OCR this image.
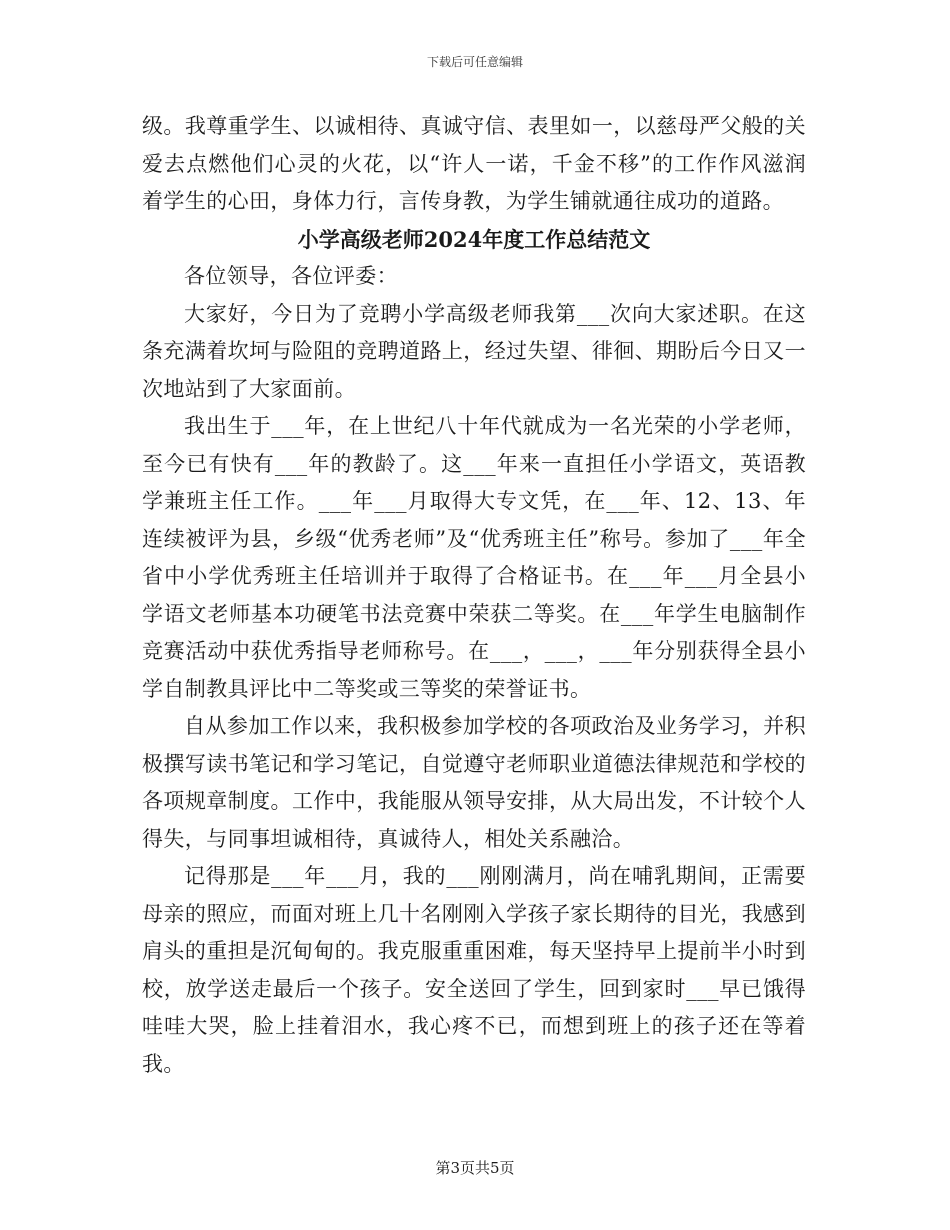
下载后可任意编辑

级。我尊重学生、以诚相待、真诚守信、表里如一，以慈母严父般的关爱去点燃他们心灵的火花，以“许人一诺，千金不移”的工作作风滋润着学生的心田，身体力行，言传身教，为学生铺就通往成功的道路。

小学高级老师2024年度工作总结范文

各位领导，各位评委：

大家好，今日为了竞聘小学高级老师我第___次向大家述职。在这条充满着坎坷与险阻的竞聘道路上，经过失望、徘徊、期盼后今日又一次地站到了大家面前。

我出生于___年，在上世纪八十年代就成为一名光荣的小学老师，至今已有快有___年的教龄了。这___年来一直担任小学语文，英语教学兼班主任工作。___年___月取得大专文凭，在___年、12、13、年连续被评为县，乡级“优秀老师”及“优秀班主任”称号。参加了___年全省中小学优秀班主任培训并于取得了合格证书。在___年___月全县小学语文老师基本功硬笔书法竞赛中荣获二等奖。在___年学生电脑制作竞赛活动中获优秀指导老师称号。在___，___，___年分别获得全县小学自制教具评比中二等奖或三等奖的荣誉证书。

自从参加工作以来，我积极参加学校的各项政治及业务学习，并积极撰写读书笔记和学习笔记，自觉遵守老师职业道德法律规范和学校的各项规章制度。工作中，我能服从领导安排，从大局出发，不计较个人得失，与同事坦诚相待，真诚待人，相处关系融洽。

记得那是___年___月，我的___刚刚满月，尚在哺乳期间，正需要母亲的照应，而面对班上几十名刚刚入学孩子家长期待的目光，我感到肩头的重担是沉甸甸的。我克服重重困难，每天坚持早上提前半小时到校，放学送走最后一个孩子。安全送回了学生，回到家时___早已饿得哇哇大哭，脸上挂着泪水，我心疼不已，而想到班上的孩子还在等着我。

第3页共5页
